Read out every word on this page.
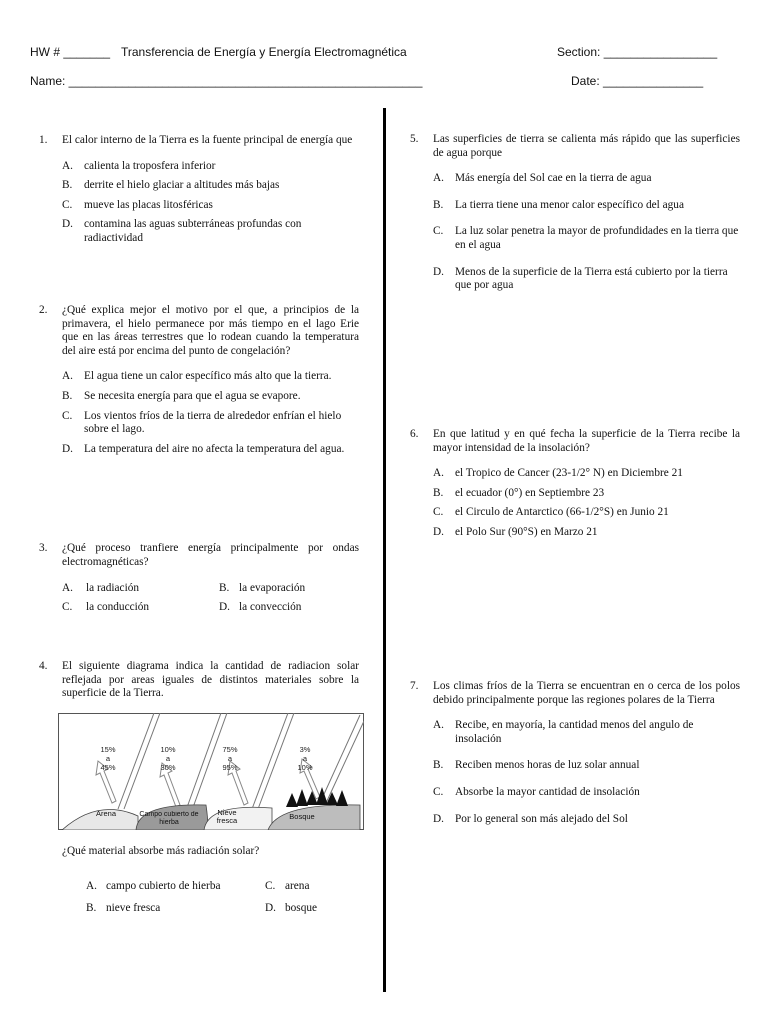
HW # _______ Transferencia de Energía y Energía Electromagnética	Section: _________________
Name: _____________________________________________________	Date: _______________
1. El calor interno de la Tierra es la fuente principal de energía que
A. calienta la troposfera inferior
B. derrite el hielo glaciar a altitudes más bajas
C. mueve las placas litosféricas
D. contamina las aguas subterráneas profundas con radiactividad
2. ¿Qué explica mejor el motivo por el que, a principios de la primavera, el hielo permanece por más tiempo en el lago Erie que en las áreas terrestres que lo rodean cuando la temperatura del aire está por encima del punto de congelación?
A. El agua tiene un calor específico más alto que la tierra.
B. Se necesita energía para que el agua se evapore.
C. Los vientos fríos de la tierra de alrededor enfrían el hielo sobre el lago.
D. La temperatura del aire no afecta la temperatura del agua.
3. ¿Qué proceso tranfiere energía principalmente por ondas electromagnéticas?
A. la radiación	B. la evaporación
C. la conducción	D. la convección
4. El siguiente diagrama indica la cantidad de radiacion solar reflejada por areas iguales de distintos materiales sobre la superficie de la Tierra.
15%
a
45%
10%
a
30%
75%
a
95%
3%
a
10%
Arena	Campo cubierto de hierba
Nieve fresca	Bosque
¿Qué material absorbe más radiación solar?
A. campo cubierto de hierba
B. nieve fresca
C. arena
D. bosque
5. Las superficies de tierra se calienta más rápido que las superficies de agua porque
A. Más energía del Sol cae en la tierra de agua
B. La tierra tiene una menor calor específico del agua
C. La luz solar penetra la mayor de profundidades en la tierra que en el agua
D. Menos de la superficie de la Tierra está cubierto por la tierra que por agua
6. En que latitud y en qué fecha la superficie de la Tierra recibe la mayor intensidad de la insolación?
A. el Tropico de Cancer (23-1/2° N) en Diciembre 21
B. el ecuador (0°) en Septiembre 23
C. el Circulo de Antarctico (66-1/2°S) en Junio 21
D. el Polo Sur (90°S) en Marzo 21
7. Los climas fríos de la Tierra se encuentran en o cerca de los polos debido principalmente porque las regiones polares de la Tierra
A. Recibe, en mayoría, la cantidad menos del angulo de insolación
B. Reciben menos horas de luz solar annual
C. Absorbe la mayor cantidad de insolación
D. Por lo general son más alejado del Sol
